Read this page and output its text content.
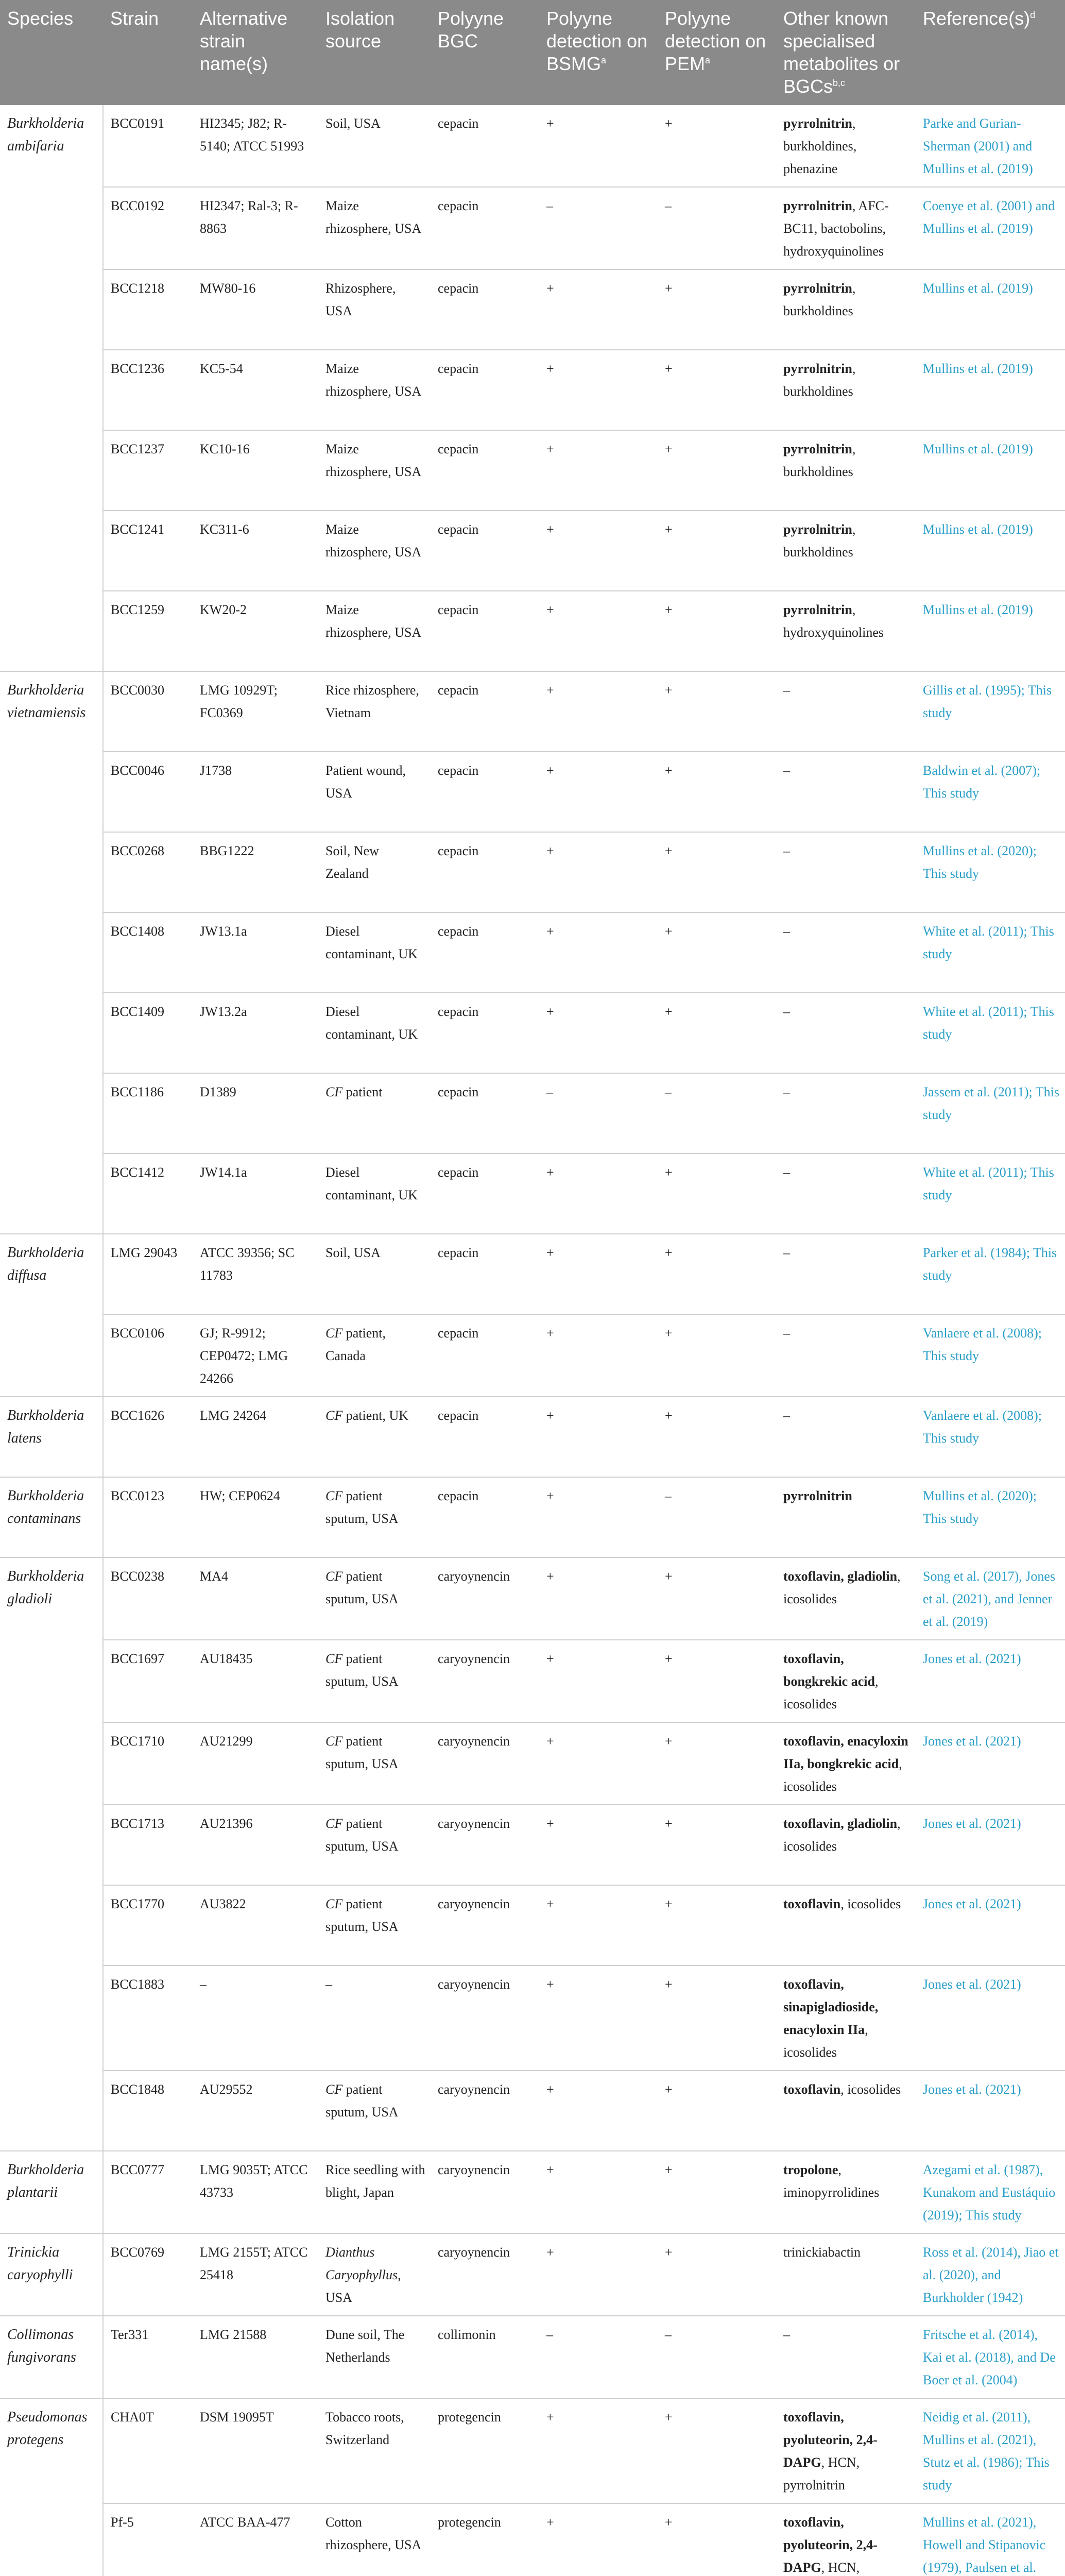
Species	Strain	Alternative strain name(s)	Isolation source	Polyyne BGC	Polyyne detection on BSMG$^a$	Polyyne detection on PEM$^a$	Other known specialised metabolites or BGCs$^{b,c}$	$Reference(s)^d$
Burkholderia ambifaria	BCC0191	HI2345; J82; R-5140; ATCC 51993	Soil, USA	cepacin	+	+	pyrrolnitrin, burkholdines, phenazine	Parke and Gurian-Sherman (2001) and Mullins et al. (2019)
	BCC0192	HI2347; Ral-3; R-8863	Maize rhizosphere, USA	cepacin	–	–	pyrrolnitrin, AFC-BC11, bactobolins, hydroxyquinolines	Coenye et al. (2001) and Mullins et al. (2019)
	BCC1218	MW80-16	Rhizosphere, USA	cepacin	+	+	pyrrolnitrin, burkholdines	Mullins et al. (2019)
	BCC1236	KC5-54	Maize rhizosphere, USA	cepacin	+	+	pyrrolnitrin, burkholdines	Mullins et al. (2019)
	BCC1237	KC10-16	Maize rhizosphere, USA	cepacin	+	+	pyrrolnitrin, burkholdines	Mullins et al. (2019)
	BCC1241	KC311-6	Maize rhizosphere, USA	cepacin	+	+	pyrrolnitrin, burkholdines	Mullins et al. (2019)
	BCC1259	KW20-2	Maize rhizosphere, USA	cepacin	+	+	pyrrolnitrin, hydroxyquinolines	Mullins et al. (2019)
Burkholderia vietnamiensis	BCC0030	LMG 10929T; FC0369	Rice rhizosphere, Vietnam	cepacin	+	+	–	Gillis et al. (1995); This study
	BCC0046	J1738	Patient wound, USA	cepacin	+	+	–	Baldwin et al. (2007); This study
	BCC0268	BBG1222	Soil, New Zealand	cepacin	+	+	–	Mullins et al. (2020); This study
	BCC1408	JW13.1a	Diesel contaminant, UK	cepacin	+	+	–	White et al. (2011); This study
	BCC1409	JW13.2a	Diesel contaminant, UK	cepacin	+	+	–	White et al. (2011); This study
	BCC1186	D1389	CF patient	cepacin	–	–	–	Jassem et al. (2011); This study
	BCC1412	JW14.1a	Diesel contaminant, UK	cepacin	+	+	–	White et al. (2011); This study
Burkholderia diffusa	LMG 29043	ATCC 39356; SC 11783	Soil, USA	cepacin	+	+	–	Parker et al. (1984); This study
	BCC0106	GJ; R-9912; CEP0472; LMG 24266	CF patient, Canada	cepacin	+	+	–	Vanlaere et al. (2008); This study
Burkholderia latens	BCC1626	LMG 24264	CF patient, UK	cepacin	+	+	–	Vanlaere et al. (2008); This study
Burkholderia contaminans	BCC0123	HW; CEP0624	CF patient sputum, USA	cepacin	+	–	pyrrolnitrin	Mullins et al. (2020); This study
Burkholderia gladioli	BCC0238	MA4	CF patient sputum, USA	caryoynencin	+	+	toxoflavin, gladiolin, icosolides	Song et al. (2017), Jones et al. (2021), and Jenner et al. (2019)
	BCC1697	AU18435	CF patient sputum, USA	caryoynencin	+	+	toxoflavin, bongkrekic acid, icosolides	Jones et al. (2021)
	BCC1710	AU21299	CF patient sputum, USA	caryoynencin	+	+	toxoflavin, enacyloxin IIa, bongkrekic acid, icosolides	Jones et al. (2021)
	BCC1713	AU21396	CF patient sputum, USA	caryoynencin	+	+	toxoflavin, gladiolin, icosolides	Jones et al. (2021)
	BCC1770	AU3822	CF patient sputum, USA	caryoynencin	+	+	toxoflavin, icosolides	Jones et al. (2021)
	BCC1883	–	–	caryoynencin	+	+	toxoflavin, sinapigladioside, enacyloxin IIa, icosolides	Jones et al. (2021)
	BCC1848	AU29552	CF patient sputum, USA	caryoynencin	+	+	toxoflavin, icosolides	Jones et al. (2021)
Burkholderia plantarii	BCC0777	LMG 9035T; ATCC 43733	Rice seedling with blight, Japan	caryoynencin	+	+	tropolone, iminopyrrolidines	Azegami et al. (1987), Kunakom and Eustáquio (2019); This study
Trinickia caryophylli	BCC0769	LMG 2155T; ATCC 25418	Dianthus Caryophyllus, USA	caryoynencin	+	+	trinickiabactin	Ross et al. (2014), Jiao et al. (2020), and Burkholder (1942)
Collimonas fungivorans	Ter331	LMG 21588	Dune soil, The Netherlands	collimonin	–	–	–	Fritsche et al. (2014), Kai et al. (2018), and De Boer et al. (2004)
Pseudomonas protegens	CHA0T	DSM 19095T	Tobacco roots, Switzerland	protegencin	+	+	toxoflavin, pyoluteorin, 2,4-DAPG, HCN, pyrrolnitrin	Neidig et al. (2011), Mullins et al. (2021), Stutz et al. (1986); This study
	Pf-5	ATCC BAA-477	Cotton rhizosphere, USA	protegencin	+	+	toxoflavin, pyoluteorin, 2,4-DAPG, HCN,	Mullins et al. (2021), Howell and Stipanovic (1979), Paulsen et al.
